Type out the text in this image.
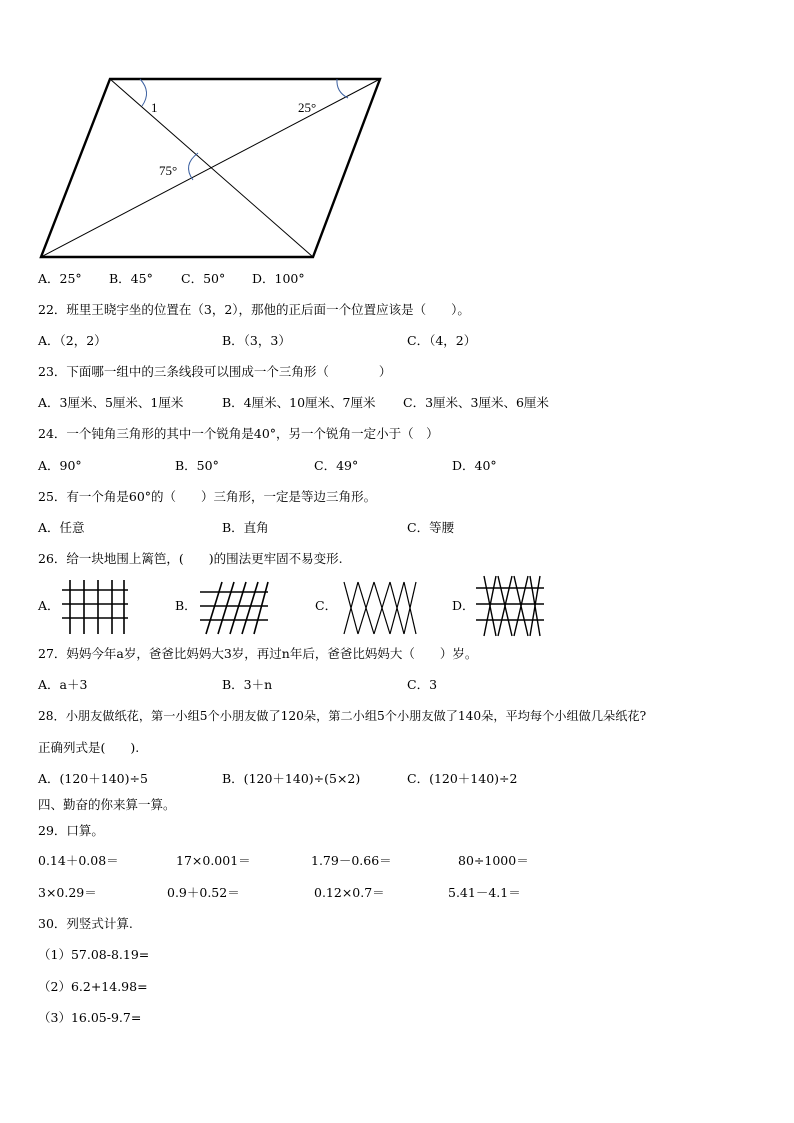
1	25°
75°
A．25° B．45° C．50° D．100°
22．班里王晓宇坐的位置在（3，2），那他的正后面一个位置应该是（　　）。
A．（2，2）	B．（3，3）	C．（4，2）
23．下面哪一组中的三条线段可以围成一个三角形（　　　　）
A．3厘米、5厘米、1厘米	B．4厘米、10厘米、7厘米 C．3厘米、3厘米、6厘米
24．一个钝角三角形的其中一个锐角是40°，另一个锐角一定小于（　）
A．90°	B．50°	C．49°	D．40°
25．有一个角是60°的（　　）三角形，一定是等边三角形。
A．任意	B．直角	C．等腰
26．给一块地围上篱笆，(　　)的围法更牢固不易变形.
A．	B．	C．	D．
27．妈妈今年a岁，爸爸比妈妈大3岁，再过n年后，爸爸比妈妈大（　　）岁。
A．a＋3	B．3＋n	C．3
28．小朋友做纸花，第一小组5个小朋友做了120朵，第二小组5个小朋友做了140朵，平均每个小组做几朵纸花?
正确列式是(　　).
A．(120＋140)÷5	B．(120＋140)÷(5×2)	C．(120＋140)÷2
四、勤奋的你来算一算。
29．口算。
0.14＋0.08＝	17×0.001＝	1.79－0.66＝	80÷1000＝
3×0.29＝	0.9＋0.52＝	0.12×0.7＝	5.41－4.1＝
30．列竖式计算.
（1）57.08-8.19=
（2）6.2+14.98=
（3）16.05-9.7=
